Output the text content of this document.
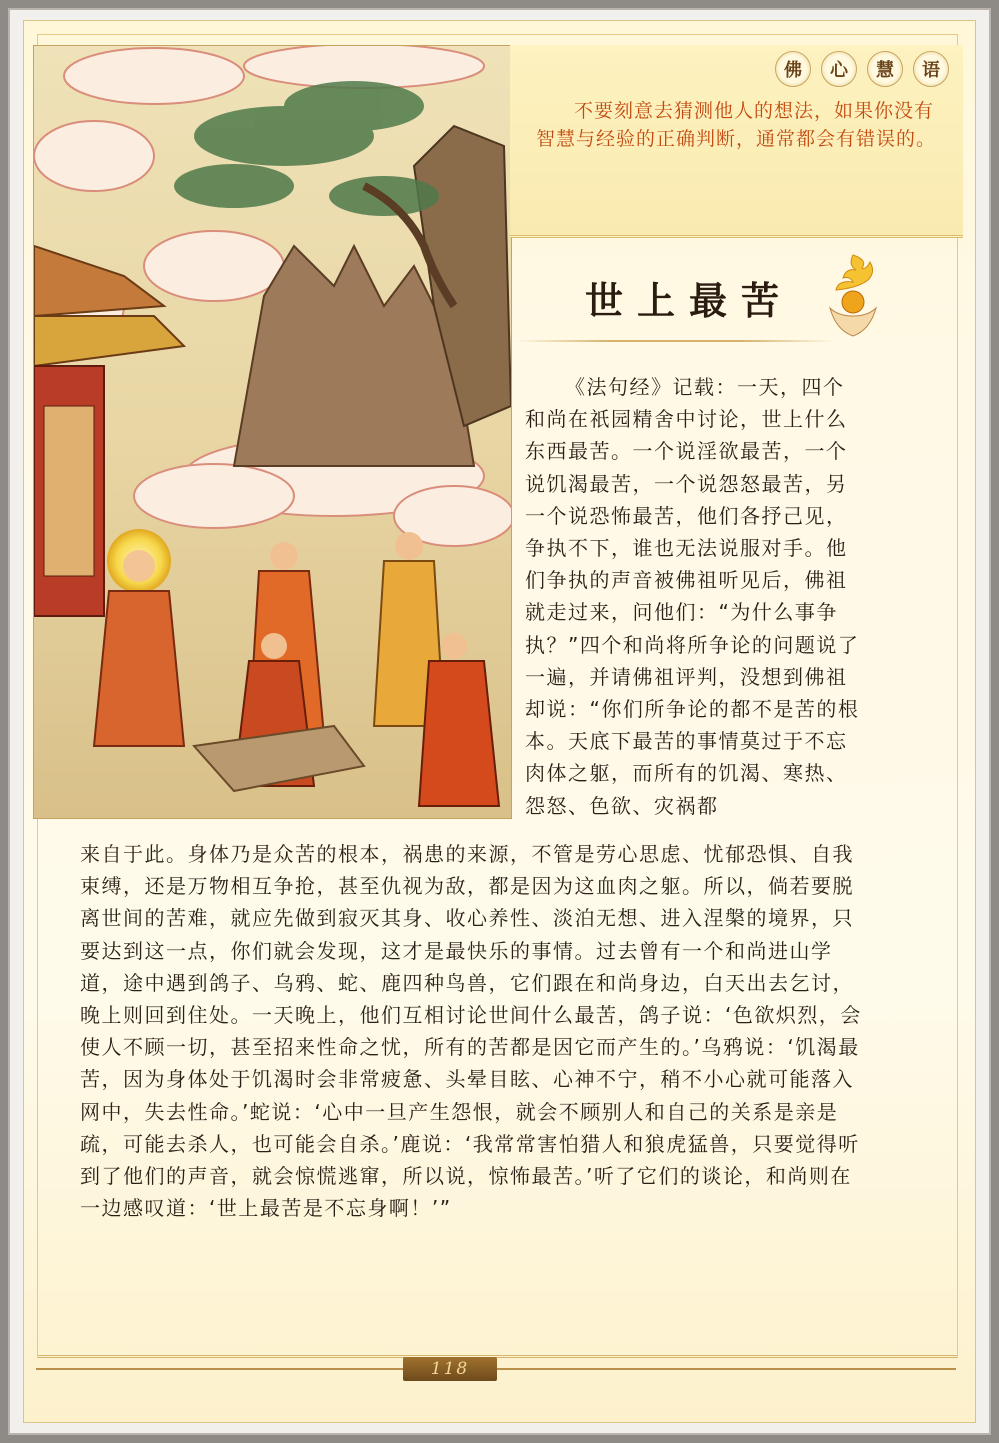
佛	心	慧	语
不要刻意去猜测他人的想法，如果你没有智慧与经验的正确判断，通常都会有错误的。
世上最苦
《法句经》记载：一天，四个和尚在祇园精舍中讨论，世上什么东西最苦。一个说淫欲最苦，一个说饥渴最苦，一个说怨怒最苦，另一个说恐怖最苦，他们各抒己见，争执不下，谁也无法说服对手。他们争执的声音被佛祖听见后，佛祖就走过来，问他们：“为什么事争执？”四个和尚将所争论的问题说了一遍，并请佛祖评判，没想到佛祖却说：“你们所争论的都不是苦的根本。天底下最苦的事情莫过于不忘肉体之躯，而所有的饥渴、寒热、怨怒、色欲、灾祸都
来自于此。身体乃是众苦的根本，祸患的来源，不管是劳心思虑、忧郁恐惧、自我束缚，还是万物相互争抢，甚至仇视为敌，都是因为这血肉之躯。所以，倘若要脱离世间的苦难，就应先做到寂灭其身、收心养性、淡泊无想、进入涅槃的境界，只要达到这一点，你们就会发现，这才是最快乐的事情。过去曾有一个和尚进山学道，途中遇到鸽子、乌鸦、蛇、鹿四种鸟兽，它们跟在和尚身边，白天出去乞讨，晚上则回到住处。一天晚上，他们互相讨论世间什么最苦，鸽子说：‘色欲炽烈，会使人不顾一切，甚至招来性命之忧，所有的苦都是因它而产生的。’乌鸦说：‘饥渴最苦，因为身体处于饥渴时会非常疲惫、头晕目眩、心神不宁，稍不小心就可能落入网中，失去性命。’蛇说：‘心中一旦产生怨恨，就会不顾别人和自己的关系是亲是疏，可能去杀人，也可能会自杀。’鹿说：‘我常常害怕猎人和狼虎猛兽，只要觉得听到了他们的声音，就会惊慌逃窜，所以说，惊怖最苦。’听了它们的谈论，和尚则在一边感叹道：‘世上最苦是不忘身啊！’”
118
